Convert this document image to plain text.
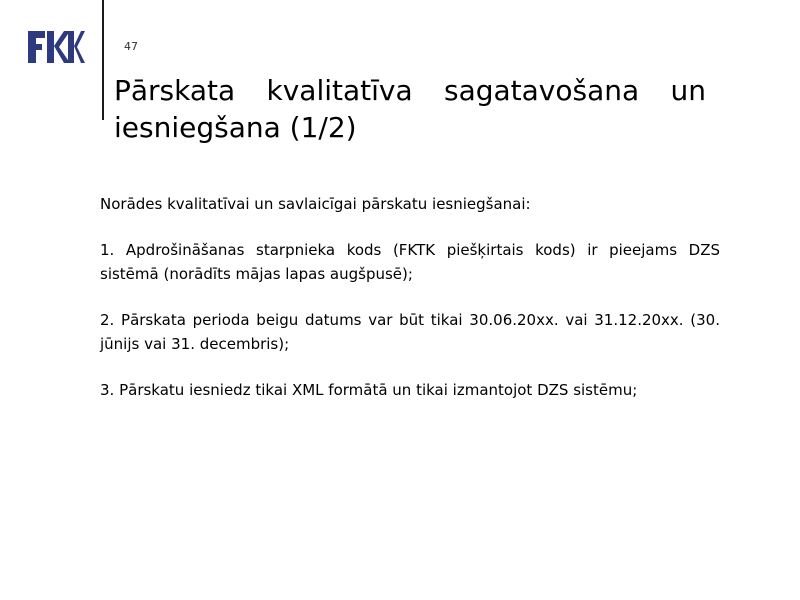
47
Pārskata kvalitatīva sagatavošana un iesniegšana (1/2)

Norādes kvalitatīvai un savlaicīgai pārskatu iesniegšanai:

1. Apdrošināšanas starpnieka kods (FKTK piešķirtais kods) ir pieejams DZS sistēmā (norādīts mājas lapas augšpusē);

2. Pārskata perioda beigu datums var būt tikai 30.06.20xx. vai 31.12.20xx. (30. jūnijs vai 31. decembris);

3. Pārskatu iesniedz tikai XML formātā un tikai izmantojot DZS sistēmu;
